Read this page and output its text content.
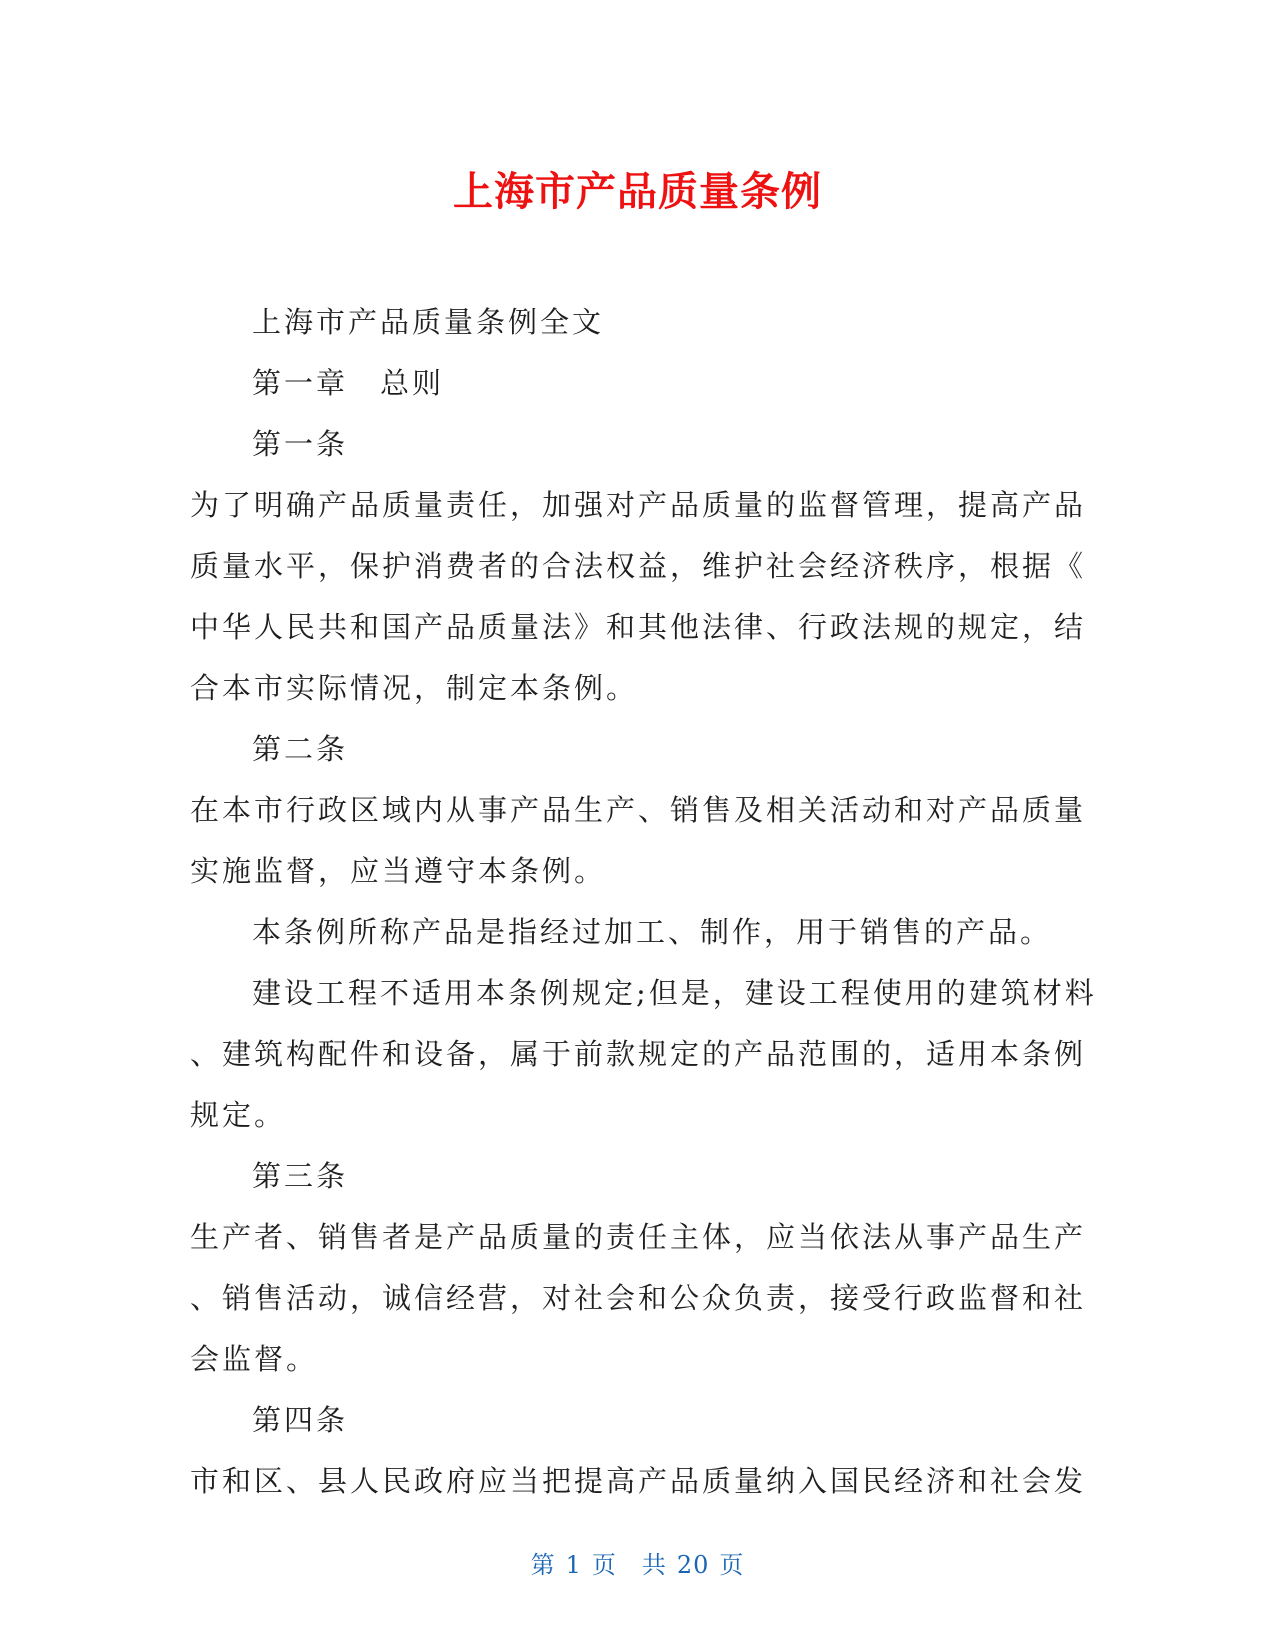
上海市产品质量条例

上海市产品质量条例全文

第一章　总则

第一条

为了明确产品质量责任，加强对产品质量的监督管理，提高产品
质量水平，保护消费者的合法权益，维护社会经济秩序，根据《
中华人民共和国产品质量法》和其他法律、行政法规的规定，结
合本市实际情况，制定本条例。

第二条

在本市行政区域内从事产品生产、销售及相关活动和对产品质量
实施监督，应当遵守本条例。

本条例所称产品是指经过加工、制作，用于销售的产品。

建设工程不适用本条例规定;但是，建设工程使用的建筑材料
、建筑构配件和设备，属于前款规定的产品范围的，适用本条例
规定。

第三条

生产者、销售者是产品质量的责任主体，应当依法从事产品生产
、销售活动，诚信经营，对社会和公众负责，接受行政监督和社
会监督。

第四条

市和区、县人民政府应当把提高产品质量纳入国民经济和社会发

第 1 页　共 20 页
